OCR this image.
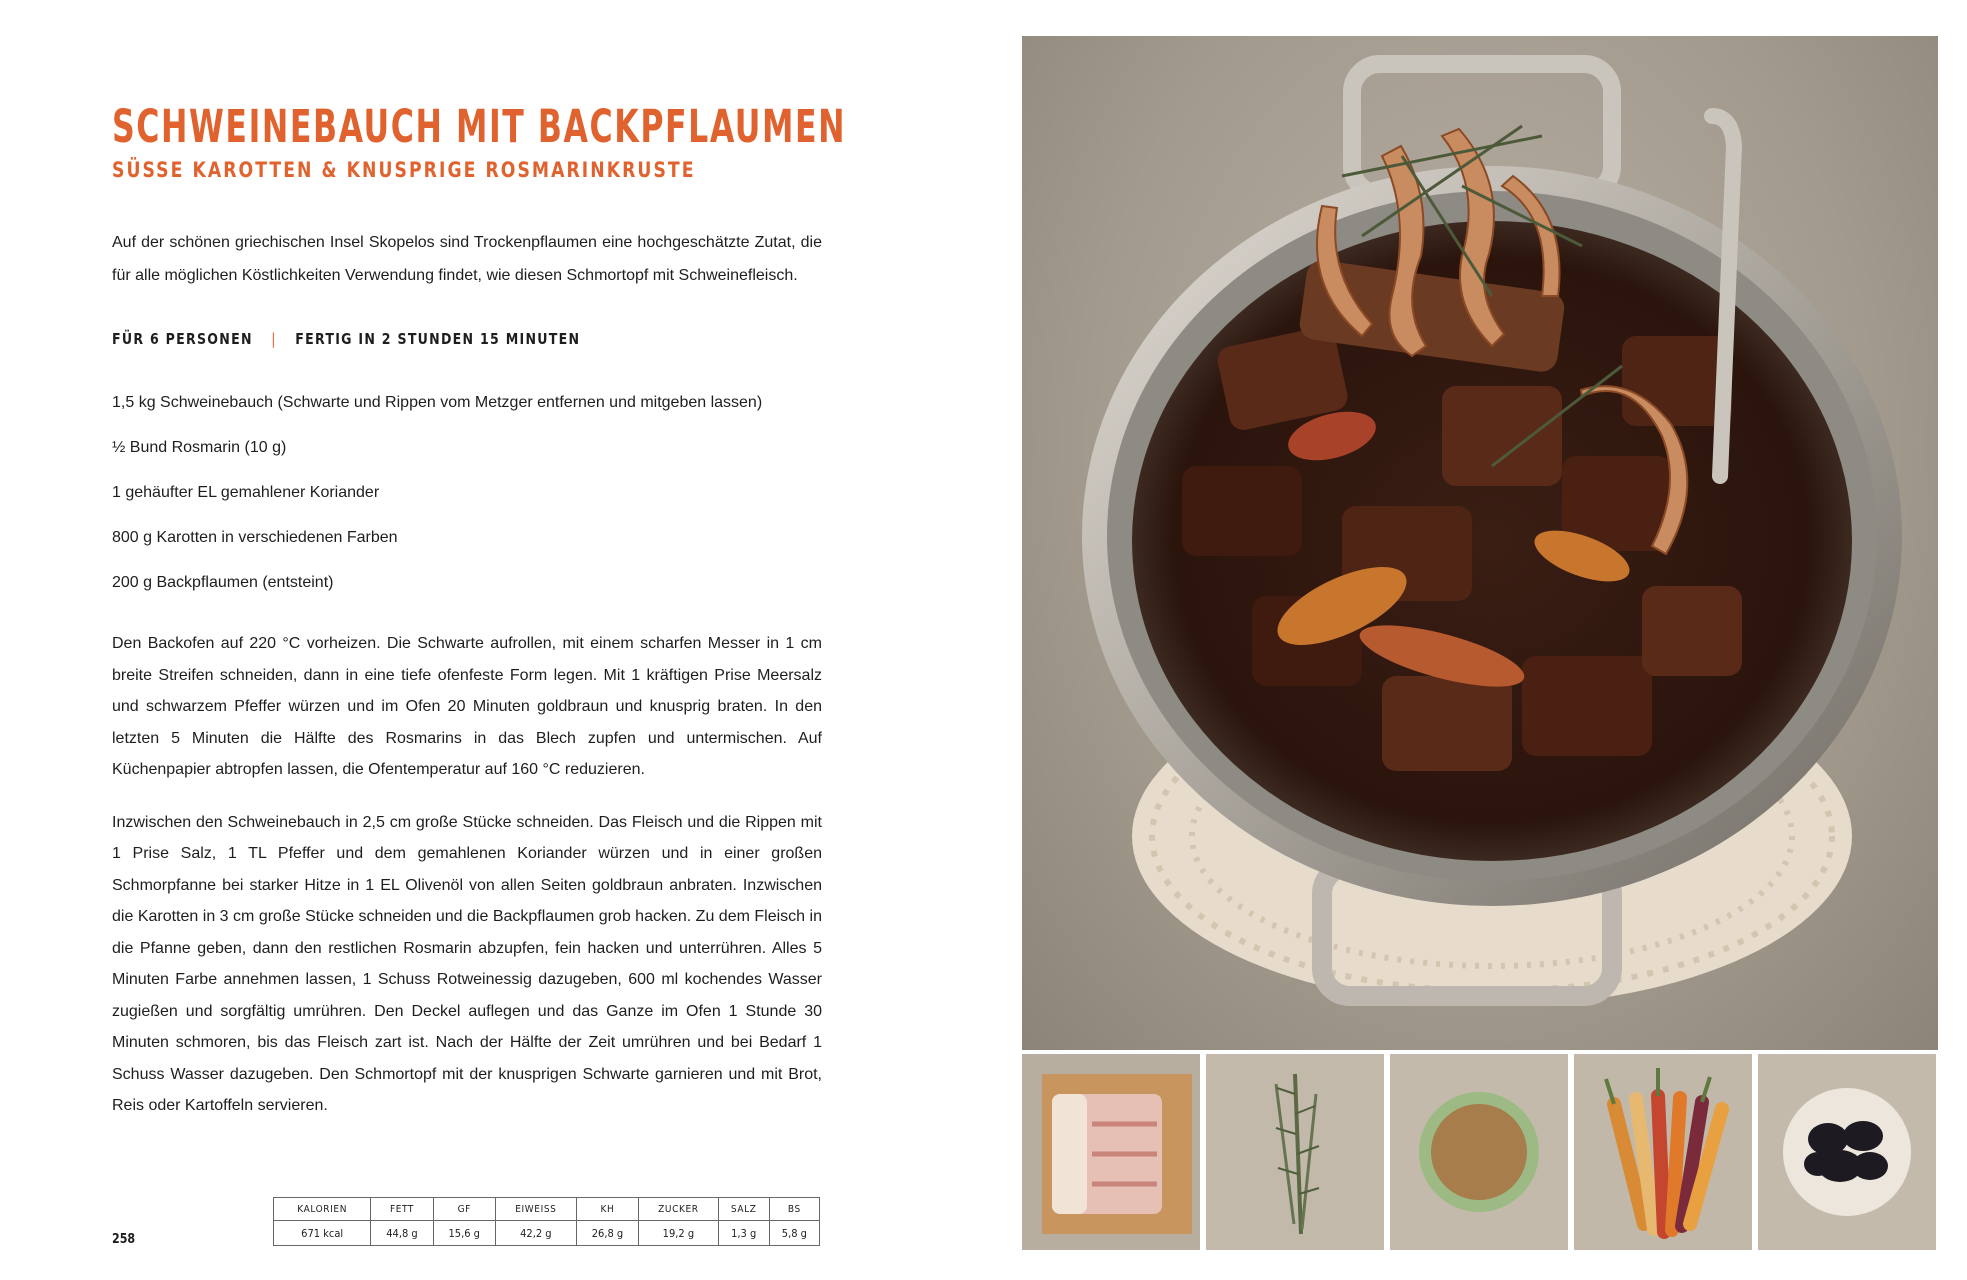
SCHWEINEBAUCH MIT BACKPFLAUMEN
SÜSSE KAROTTEN & KNUSPRIGE ROSMARINKRUSTE

Auf der schönen griechischen Insel Skopelos sind Trockenpflaumen eine hochgeschätzte Zutat, die für alle möglichen Köstlichkeiten Verwendung findet, wie diesen Schmortopf mit Schweinefleisch.

FÜR 6 PERSONEN | FERTIG IN 2 STUNDEN 15 MINUTEN
1,5 kg Schweinebauch (Schwarte und Rippen vom Metzger entfernen und mitgeben lassen)
½ Bund Rosmarin (10 g)
1 gehäufter EL gemahlener Koriander
800 g Karotten in verschiedenen Farben
200 g Backpflaumen (entsteint)

Den Backofen auf 220 °C vorheizen. Die Schwarte aufrollen, mit einem scharfen Messer in 1 cm breite Streifen schneiden, dann in eine tiefe ofenfeste Form legen. Mit 1 kräftigen Prise Meersalz und schwarzem Pfeffer würzen und im Ofen 20 Minuten goldbraun und knusprig braten. In den letzten 5 Minuten die Hälfte des Rosmarins in das Blech zupfen und untermischen. Auf Küchenpapier abtropfen lassen, die Ofentemperatur auf 160 °C reduzieren.

Inzwischen den Schweinebauch in 2,5 cm große Stücke schneiden. Das Fleisch und die Rippen mit 1 Prise Salz, 1 TL Pfeffer und dem gemahlenen Koriander würzen und in einer großen Schmorpfanne bei starker Hitze in 1 EL Olivenöl von allen Seiten goldbraun anbraten. Inzwischen die Karotten in 3 cm große Stücke schneiden und die Backpflaumen grob hacken. Zu dem Fleisch in die Pfanne geben, dann den restlichen Rosmarin abzupfen, fein hacken und unterrühren. Alles 5 Minuten Farbe annehmen lassen, 1 Schuss Rotweinessig dazugeben, 600 ml kochendes Wasser zugießen und sorgfältig umrühren. Den Deckel auflegen und das Ganze im Ofen 1 Stunde 30 Minuten schmoren, bis das Fleisch zart ist. Nach der Hälfte der Zeit umrühren und bei Bedarf 1 Schuss Wasser dazugeben. Den Schmortopf mit der knusprigen Schwarte garnieren und mit Brot, Reis oder Kartoffeln servieren.

258
KALORIEN	FETT	GF	EIWEISS	KH	ZUCKER	SALZ	BS
671 kcal	44,8 g	15,6 g	42,2 g	26,8 g	19,2 g	1,3 g	5,8 g
